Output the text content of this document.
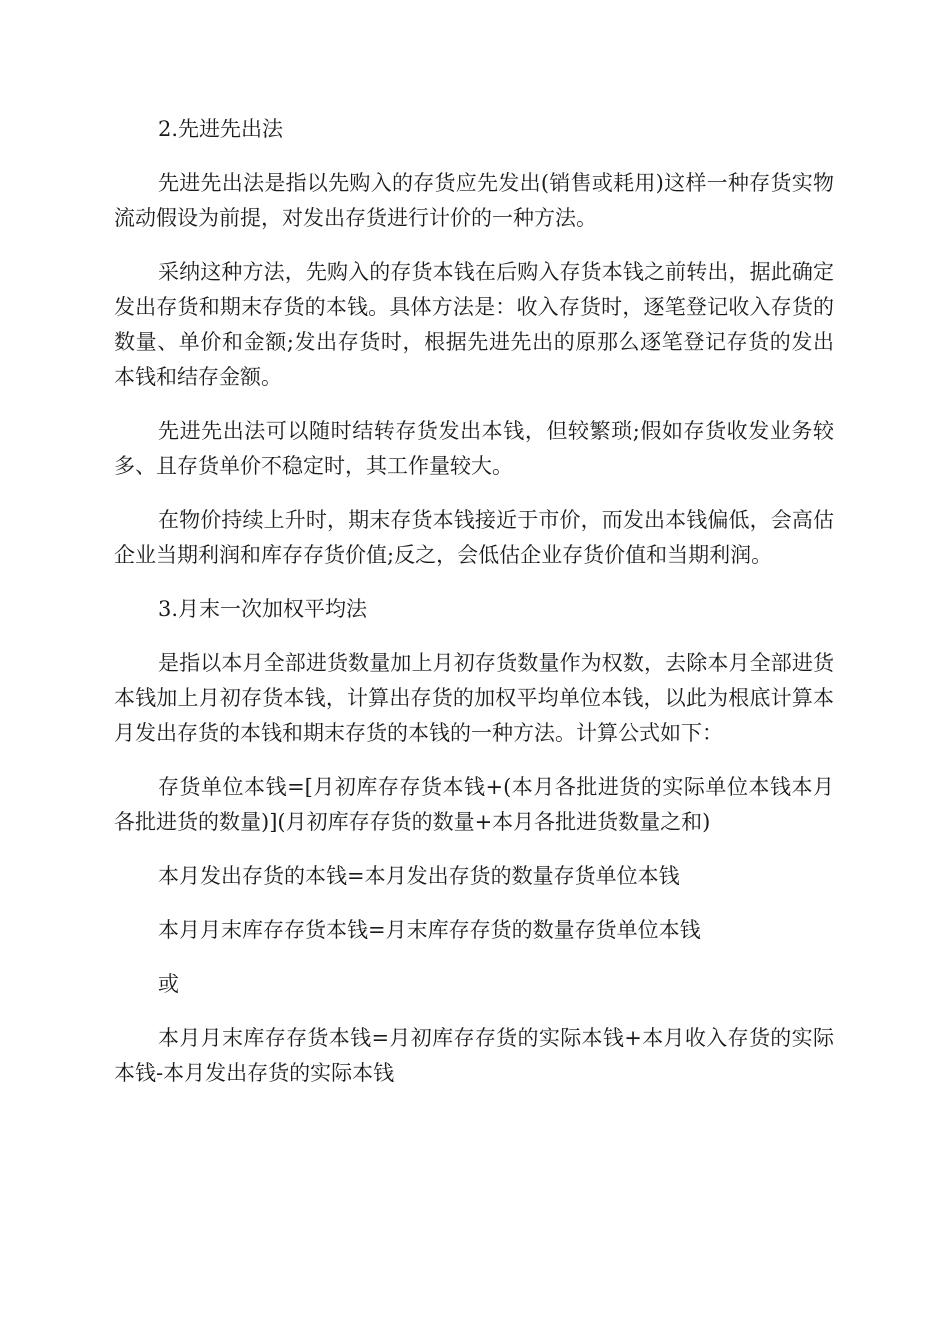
2.先进先出法

先进先出法是指以先购入的存货应先发出(销售或耗用)这样一种存货实物流动假设为前提，对发出存货进行计价的一种方法。

采纳这种方法，先购入的存货本钱在后购入存货本钱之前转出，据此确定发出存货和期末存货的本钱。具体方法是：收入存货时，逐笔登记收入存货的数量、单价和金额;发出存货时，根据先进先出的原那么逐笔登记存货的发出本钱和结存金额。

先进先出法可以随时结转存货发出本钱，但较繁琐;假如存货收发业务较多、且存货单价不稳定时，其工作量较大。

在物价持续上升时，期末存货本钱接近于市价，而发出本钱偏低，会高估企业当期利润和库存存货价值;反之，会低估企业存货价值和当期利润。

3.月末一次加权平均法

是指以本月全部进货数量加上月初存货数量作为权数，去除本月全部进货本钱加上月初存货本钱，计算出存货的加权平均单位本钱，以此为根底计算本月发出存货的本钱和期末存货的本钱的一种方法。计算公式如下：

存货单位本钱=[月初库存存货本钱+(本月各批进货的实际单位本钱本月各批进货的数量)](月初库存存货的数量+本月各批进货数量之和)

本月发出存货的本钱=本月发出存货的数量存货单位本钱

本月月末库存存货本钱=月末库存存货的数量存货单位本钱

或

本月月末库存存货本钱=月初库存存货的实际本钱+本月收入存货的实际本钱-本月发出存货的实际本钱
